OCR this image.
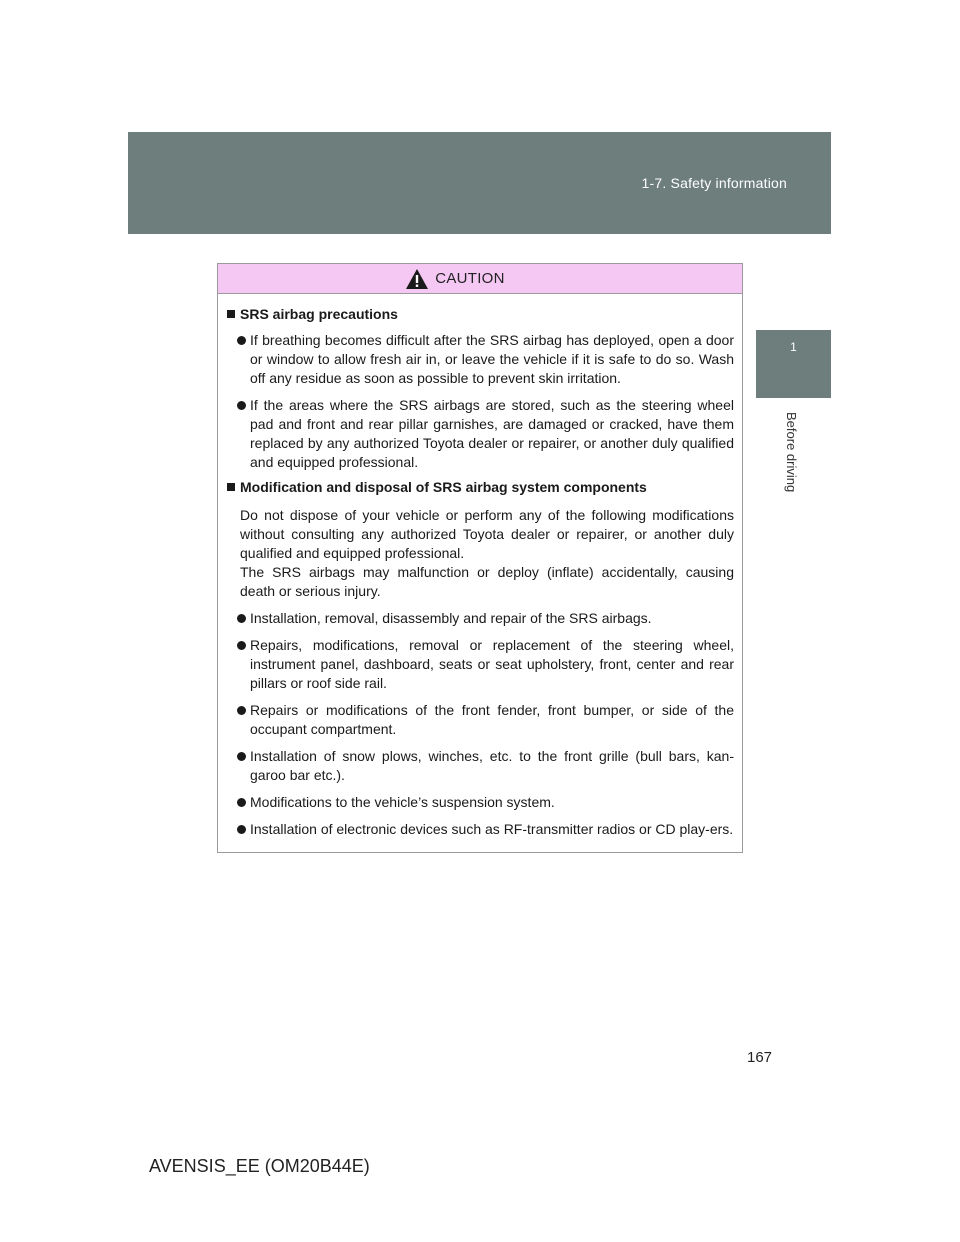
1-7. Safety information
1
Before driving
CAUTION
SRS airbag precautions
If breathing becomes difficult after the SRS airbag has deployed, open a door or window to allow fresh air in, or leave the vehicle if it is safe to do so. Wash off any residue as soon as possible to prevent skin irritation.
If the areas where the SRS airbags are stored, such as the steering wheel pad and front and rear pillar garnishes, are damaged or cracked, have them replaced by any authorized Toyota dealer or repairer, or another duly qualified and equipped professional.
Modification and disposal of SRS airbag system components

Do not dispose of your vehicle or perform any of the following modifications without consulting any authorized Toyota dealer or repairer, or another duly qualified and equipped professional.

The SRS airbags may malfunction or deploy (inflate) accidentally, causing death or serious injury.

Installation, removal, disassembly and repair of the SRS airbags.
Repairs, modifications, removal or replacement of the steering wheel, instrument panel, dashboard, seats or seat upholstery, front, center and rear pillars or roof side rail.
Repairs or modifications of the front fender, front bumper, or side of the occupant compartment.
Installation of snow plows, winches, etc. to the front grille (bull bars, kan-garoo bar etc.).
Modifications to the vehicle’s suspension system.
Installation of electronic devices such as RF-transmitter radios or CD play-ers.
167
AVENSIS_EE (OM20B44E)
